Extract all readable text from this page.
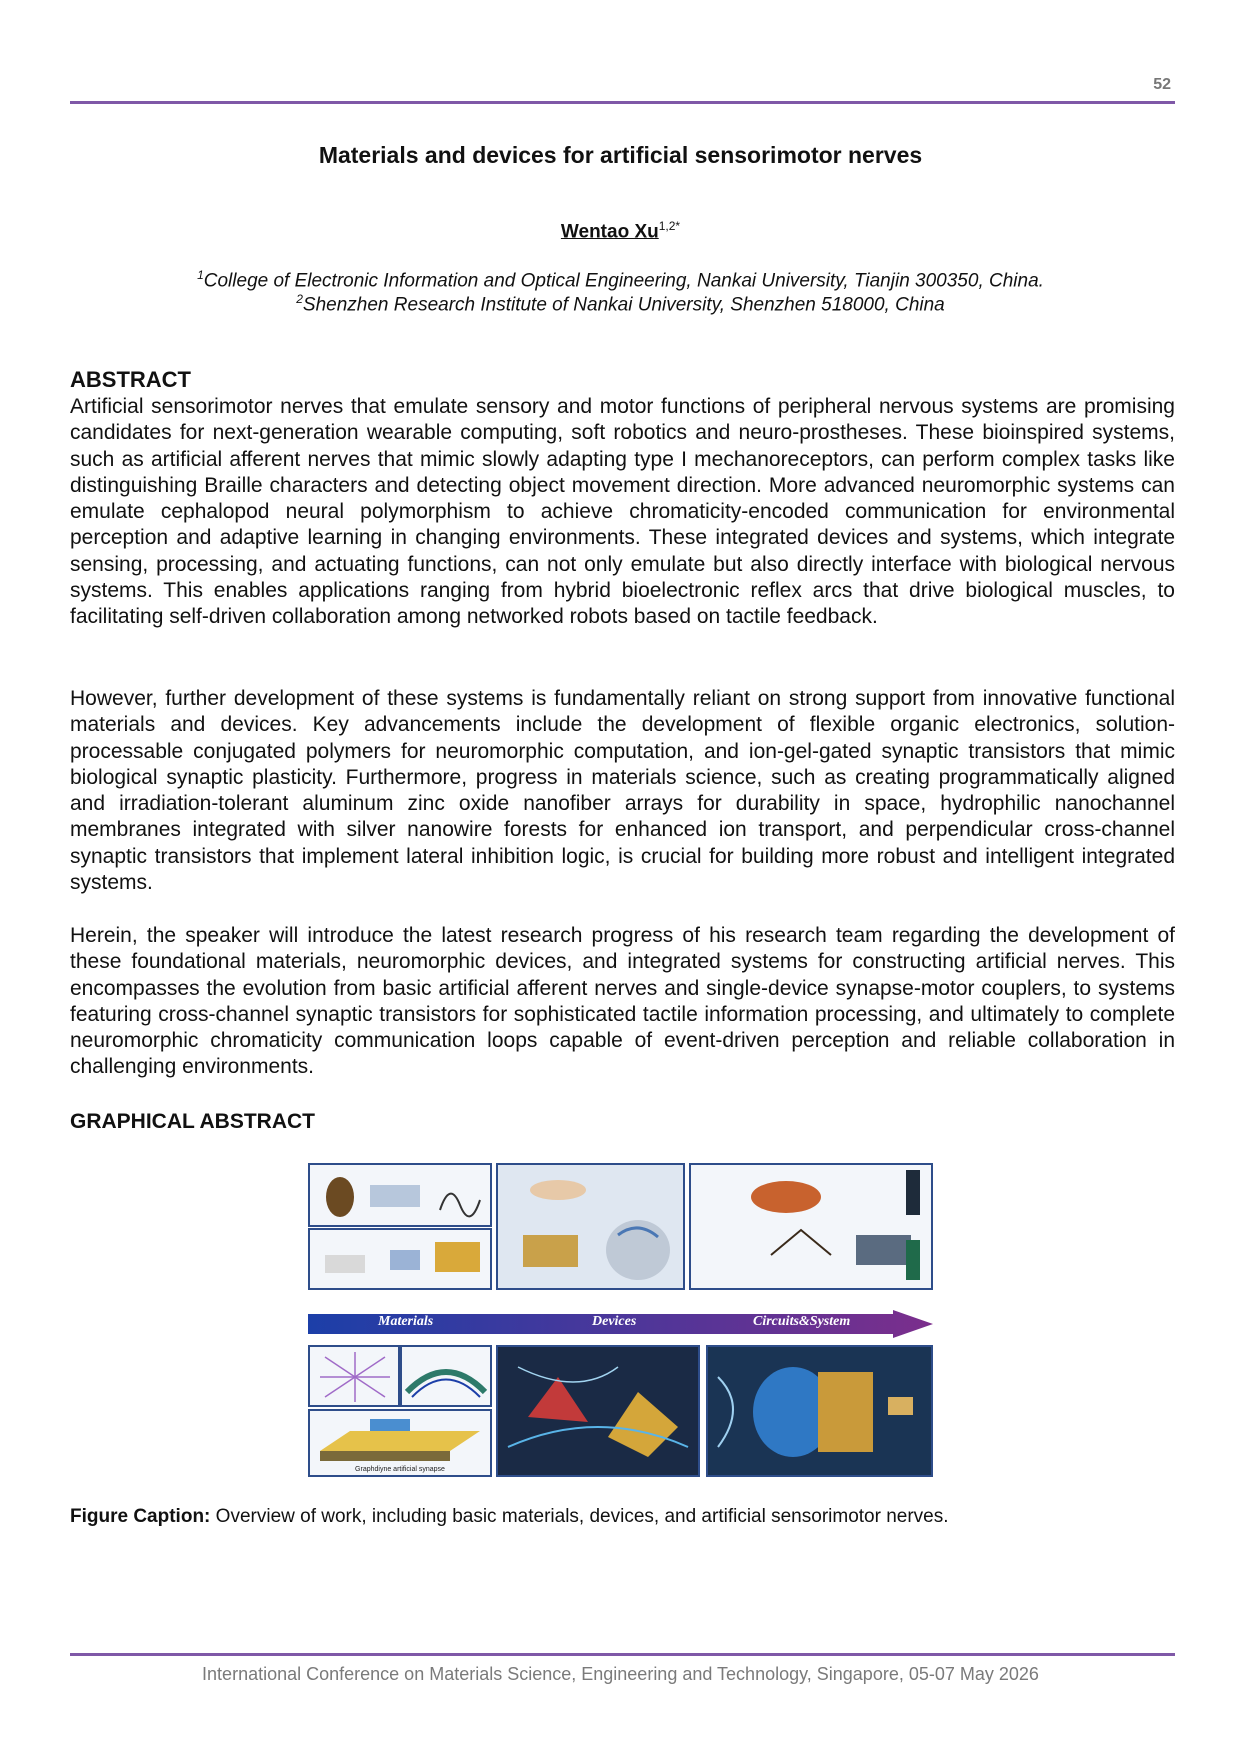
52
Materials and devices for artificial sensorimotor nerves
Wentao $Xu^{1,2*}$
$^1$College of Electronic Information and Optical Engineering, Nankai University, Tianjin 300350, China.
$^2$Shenzhen Research Institute of Nankai University, Shenzhen 518000, China
ABSTRACT
Artificial sensorimotor nerves that emulate sensory and motor functions of peripheral nervous systems are promising candidates for next-generation wearable computing, soft robotics and neuro-prostheses. These bioinspired systems, such as artificial afferent nerves that mimic slowly adapting type I mechanoreceptors, can perform complex tasks like distinguishing Braille characters and detecting object movement direction. More advanced neuromorphic systems can emulate cephalopod neural polymorphism to achieve chromaticity-encoded communication for environmental perception and adaptive learning in changing environments. These integrated devices and systems, which integrate sensing, processing, and actuating functions, can not only emulate but also directly interface with biological nervous systems. This enables applications ranging from hybrid bioelectronic reflex arcs that drive biological muscles, to facilitating self-driven collaboration among networked robots based on tactile feedback.
However, further development of these systems is fundamentally reliant on strong support from innovative functional materials and devices. Key advancements include the development of flexible organic electronics, solution-processable conjugated polymers for neuromorphic computation, and ion-gel-gated synaptic transistors that mimic biological synaptic plasticity. Furthermore, progress in materials science, such as creating programmatically aligned and irradiation-tolerant aluminum zinc oxide nanofiber arrays for durability in space, hydrophilic nanochannel membranes integrated with silver nanowire forests for enhanced ion transport, and perpendicular cross-channel synaptic transistors that implement lateral inhibition logic, is crucial for building more robust and intelligent integrated systems.
Herein, the speaker will introduce the latest research progress of his research team regarding the development of these foundational materials, neuromorphic devices, and integrated systems for constructing artificial nerves. This encompasses the evolution from basic artificial afferent nerves and single-device synapse-motor couplers, to systems featuring cross-channel synaptic transistors for sophisticated tactile information processing, and ultimately to complete neuromorphic chromaticity communication loops capable of event-driven perception and reliable collaboration in challenging environments.
GRAPHICAL ABSTRACT
Materials	Devices	Circuits&System
Graphdiyne artificial synapse
Figure Caption: Overview of work, including basic materials, devices, and artificial sensorimotor nerves.
International Conference on Materials Science, Engineering and Technology, Singapore, 05-07 May 2026
